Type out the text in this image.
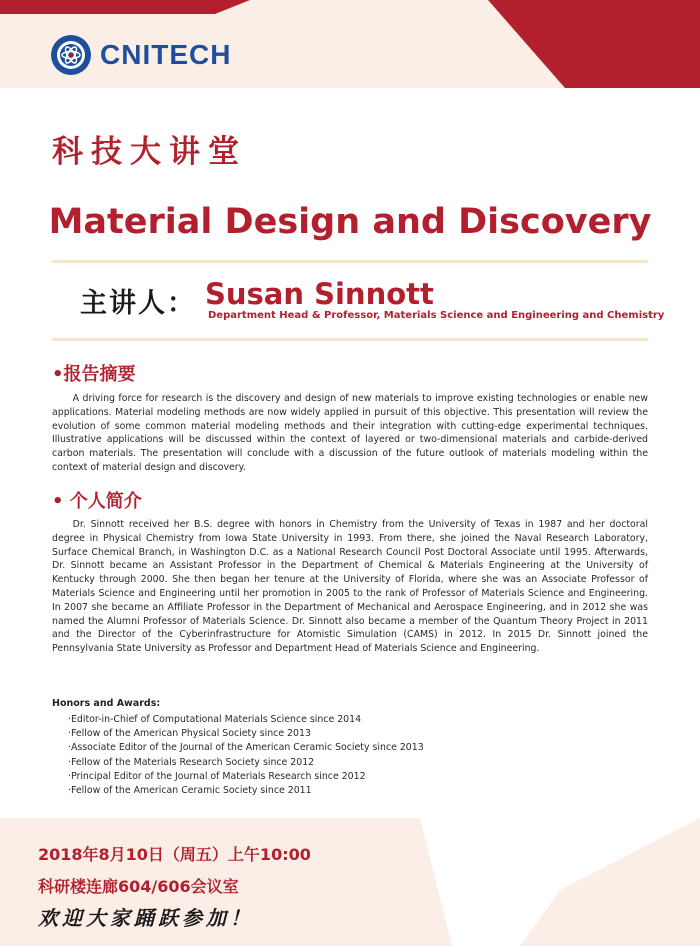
CNITECH
科技大讲堂
Material Design and Discovery
主讲人： Susan Sinnott
Department Head & Professor, Materials Science and Engineering and Chemistry
•报告摘要

A driving force for research is the discovery and design of new materials to improve existing technologies or enable new applications. Material modeling methods are now widely applied in pursuit of this objective. This presentation will review the evolution of some common material modeling methods and their integration with cutting-edge experimental techniques. Illustrative applications will be discussed within the context of layered or two-dimensional materials and carbide-derived carbon materials. The presentation will conclude with a discussion of the future outlook of materials modeling within the context of material design and discovery.

• 个人简介

Dr. Sinnott received her B.S. degree with honors in Chemistry from the University of Texas in 1987 and her doctoral degree in Physical Chemistry from Iowa State University in 1993. From there, she joined the Naval Research Laboratory, Surface Chemical Branch, in Washington D.C. as a National Research Council Post Doctoral Associate until 1995. Afterwards, Dr. Sinnott became an Assistant Professor in the Department of Chemical & Materials Engineering at the University of Kentucky through 2000. She then began her tenure at the University of Florida, where she was an Associate Professor of Materials Science and Engineering until her promotion in 2005 to the rank of Professor of Materials Science and Engineering. In 2007 she became an Affiliate Professor in the Department of Mechanical and Aerospace Engineering, and in 2012 she was named the Alumni Professor of Materials Science. Dr. Sinnott also became a member of the Quantum Theory Project in 2011 and the Director of the Cyberinfrastructure for Atomistic Simulation (CAMS) in 2012. In 2015 Dr. Sinnott joined the Pennsylvania State University as Professor and Department Head of Materials Science and Engineering.

Honors and Awards:
·Editor-in-Chief of Computational Materials Science since 2014
·Fellow of the American Physical Society since 2013
·Associate Editor of the Journal of the American Ceramic Society since 2013
·Fellow of the Materials Research Society since 2012
·Principal Editor of the Journal of Materials Research since 2012
·Fellow of the American Ceramic Society since 2011
2018年8月10日（周五）上午10:00
科研楼连廊604/606会议室
欢迎大家踊跃参加！
